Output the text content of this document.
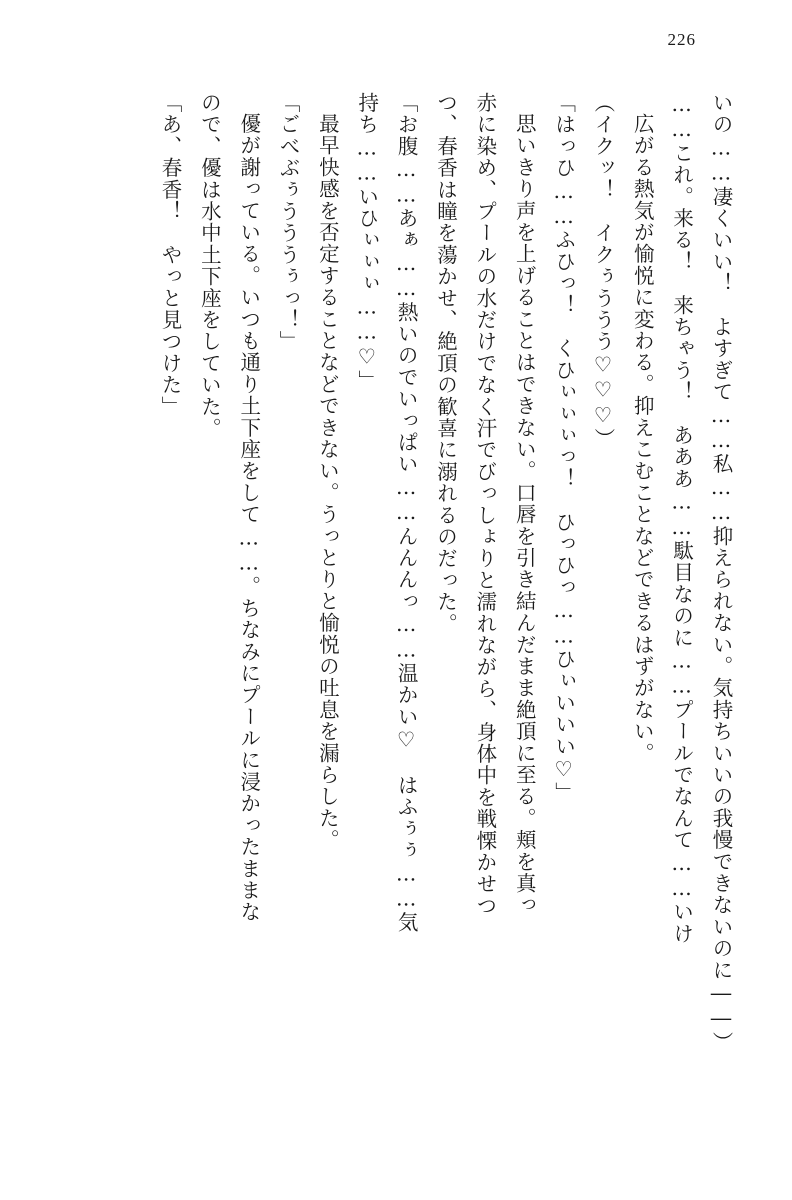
226

いの……凄くいい！　よすぎて……私……抑えられない。気持ちいいの我慢できないのに――）

……これ。来る！　来ちゃう！　あああ……駄目なのに……プールでなんて……いけ

広がる熱気が愉悦に変わる。抑えこむことなどできるはずがない。

（イクッ！　イクぅううう♡♡♡）

「はっひ……ふひっ！　くひぃぃぃっ！　ひっひっ……ひぃいいい♡」

思いきり声を上げることはできない。口唇を引き結んだまま絶頂に至る。頬を真っ

赤に染め、プールの水だけでなく汗でびっしょりと濡れながら、身体中を戦慄かせつ

つ、春香は瞳を蕩かせ、絶頂の歓喜に溺れるのだった。

「お腹……あぁ……熱いのでいっぱい……んんんっ……温かい♡　はふぅぅ……気

持ち……いひぃぃぃ……♡」

最早快感を否定することなどできない。うっとりと愉悦の吐息を漏らした。

「ごべぶぅうううぅっ！」

優が謝っている。いつも通り土下座をして……。ちなみにプールに浸かったままな

ので、優は水中土下座をしていた。

「あ、春香！　やっと見つけた」
